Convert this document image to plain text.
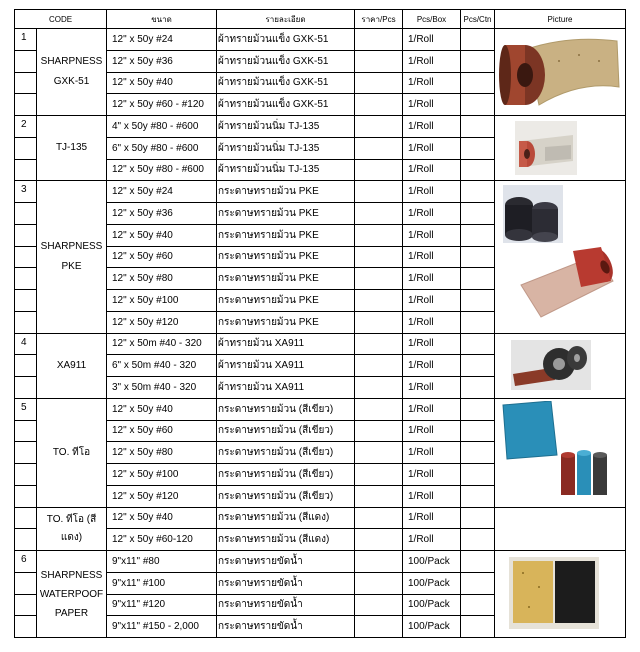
CODE		ขนาด	รายละเอียด	ราคา/Pcs	Pcs/Box	Pcs/Ctn	Picture
1	SHARPNESS GXK-51	12" x 50y #24	ผ้าทรายม้วนแข็ง GXK-51		1/Roll		

		12" x 50y #36	ผ้าทรายม้วนแข็ง GXK-51		1/Roll		
		12" x 50y #40	ผ้าทรายม้วนแข็ง GXK-51		1/Roll		
		12" x 50y #60 - #120	ผ้าทรายม้วนแข็ง GXK-51		1/Roll		
2	TJ-135	4" x 50y #80 - #600	ผ้าทรายม้วนนิ่ม TJ-135		1/Roll		

		6" x 50y #80 - #600	ผ้าทรายม้วนนิ่ม TJ-135		1/Roll		
		12" x 50y #80 - #600	ผ้าทรายม้วนนิ่ม TJ-135		1/Roll		
3	SHARPNESS PKE	12" x 50y #24	กระดาษทรายม้วน PKE		1/Roll		

		12" x 50y #36	กระดาษทรายม้วน PKE		1/Roll		
		12" x 50y #40	กระดาษทรายม้วน PKE		1/Roll		
		12" x 50y #60	กระดาษทรายม้วน PKE		1/Roll		
		12" x 50y #80	กระดาษทรายม้วน PKE		1/Roll		
		12" x 50y #100	กระดาษทรายม้วน PKE		1/Roll		
		12" x 50y #120	กระดาษทรายม้วน PKE		1/Roll		
4	XA911	12" x 50m #40 - 320	ผ้าทรายม้วน XA911		1/Roll		

		6" x 50m #40 - 320	ผ้าทรายม้วน XA911		1/Roll		
		3" x 50m #40 - 320	ผ้าทรายม้วน XA911		1/Roll		
5	TO. ทีโอ	12" x 50y #40	กระดาษทรายม้วน (สีเขียว)		1/Roll		

		12" x 50y #60	กระดาษทรายม้วน (สีเขียว)		1/Roll		
		12" x 50y #80	กระดาษทรายม้วน (สีเขียว)		1/Roll		
		12" x 50y #100	กระดาษทรายม้วน (สีเขียว)		1/Roll		
		12" x 50y #120	กระดาษทรายม้วน (สีเขียว)		1/Roll		
	TO. ทีโอ (สีแดง)	12" x 50y #40	กระดาษทรายม้วน (สีแดง)		1/Roll		
		12" x 50y #60-120	กระดาษทรายม้วน (สีแดง)		1/Roll		
6	SHARPNESS WATERPOOF PAPER	9"x11" #80	กระดาษทรายขัดน้ำ		100/Pack		

		9"x11" #100	กระดาษทรายขัดน้ำ		100/Pack		
		9"x11" #120	กระดาษทรายขัดน้ำ		100/Pack		
		9"x11" #150 - 2,000	กระดาษทรายขัดน้ำ		100/Pack		
